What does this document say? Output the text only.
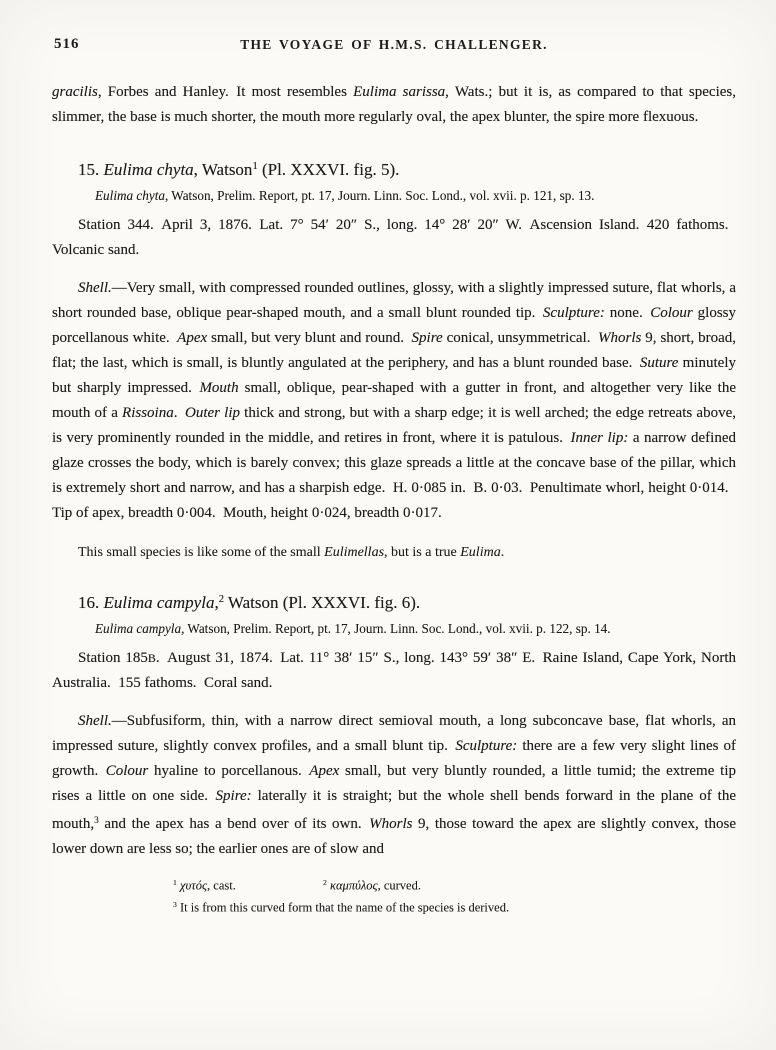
516	THE VOYAGE OF H.M.S. CHALLENGER.

gracilis, Forbes and Hanley. It most resembles Eulima sarissa, Wats.; but it is, as compared to that species, slimmer, the base is much shorter, the mouth more regularly oval, the apex blunter, the spire more flexuous.

15. Eulima chyta, Watson$^1$ (Pl. XXXVI. fig. 5).

Eulima chyta, Watson, Prelim. Report, pt. 17, Journ. Linn. Soc. Lond., vol. xvii. p. 121, sp. 13.

Station 344. April 3, 1876. Lat. 7° 54′ 20″ S., long. 14° 28′ 20″ W. Ascension Island. 420 fathoms. Volcanic sand.

Shell.—Very small, with compressed rounded outlines, glossy, with a slightly impressed suture, flat whorls, a short rounded base, oblique pear-shaped mouth, and a small blunt rounded tip. Sculpture: none. Colour glossy porcellanous white. Apex small, but very blunt and round. Spire conical, unsymmetrical. Whorls 9, short, broad, flat; the last, which is small, is bluntly angulated at the periphery, and has a blunt rounded base. Suture minutely but sharply impressed. Mouth small, oblique, pear-shaped with a gutter in front, and altogether very like the mouth of a Rissoina. Outer lip thick and strong, but with a sharp edge; it is well arched; the edge retreats above, is very prominently rounded in the middle, and retires in front, where it is patulous. Inner lip: a narrow defined glaze crosses the body, which is barely convex; this glaze spreads a little at the concave base of the pillar, which is extremely short and narrow, and has a sharpish edge. H. 0·085 in. B. 0·03. Penultimate whorl, height 0·014. Tip of apex, breadth 0·004. Mouth, height 0·024, breadth 0·017.

This small species is like some of the small Eulimellas, but is a true Eulima.

16. Eulima campyla,$^2$ Watson (Pl. XXXVI. fig. 6).

Eulima campyla, Watson, Prelim. Report, pt. 17, Journ. Linn. Soc. Lond., vol. xvii. p. 122, sp. 14.

Station 185B. August 31, 1874. Lat. 11° 38′ 15″ S., long. 143° 59′ 38″ E. Raine Island, Cape York, North Australia. 155 fathoms. Coral sand.

Shell.—Subfusiform, thin, with a narrow direct semioval mouth, a long subconcave base, flat whorls, an impressed suture, slightly convex profiles, and a small blunt tip. Sculpture: there are a few very slight lines of growth. Colour hyaline to porcellanous. Apex small, but very bluntly rounded, a little tumid; the extreme tip rises a little on one side. Spire: laterally it is straight; but the whole shell bends forward in the plane of the mouth,$^3$ and the apex has a bend over of its own. Whorls 9, those toward the apex are slightly convex, those lower down are less so; the earlier ones are of slow and

$^1$ χυτός, cast.	$^2$ καμπύλος, curved.
$^3$ It is from this curved form that the name of the species is derived.
